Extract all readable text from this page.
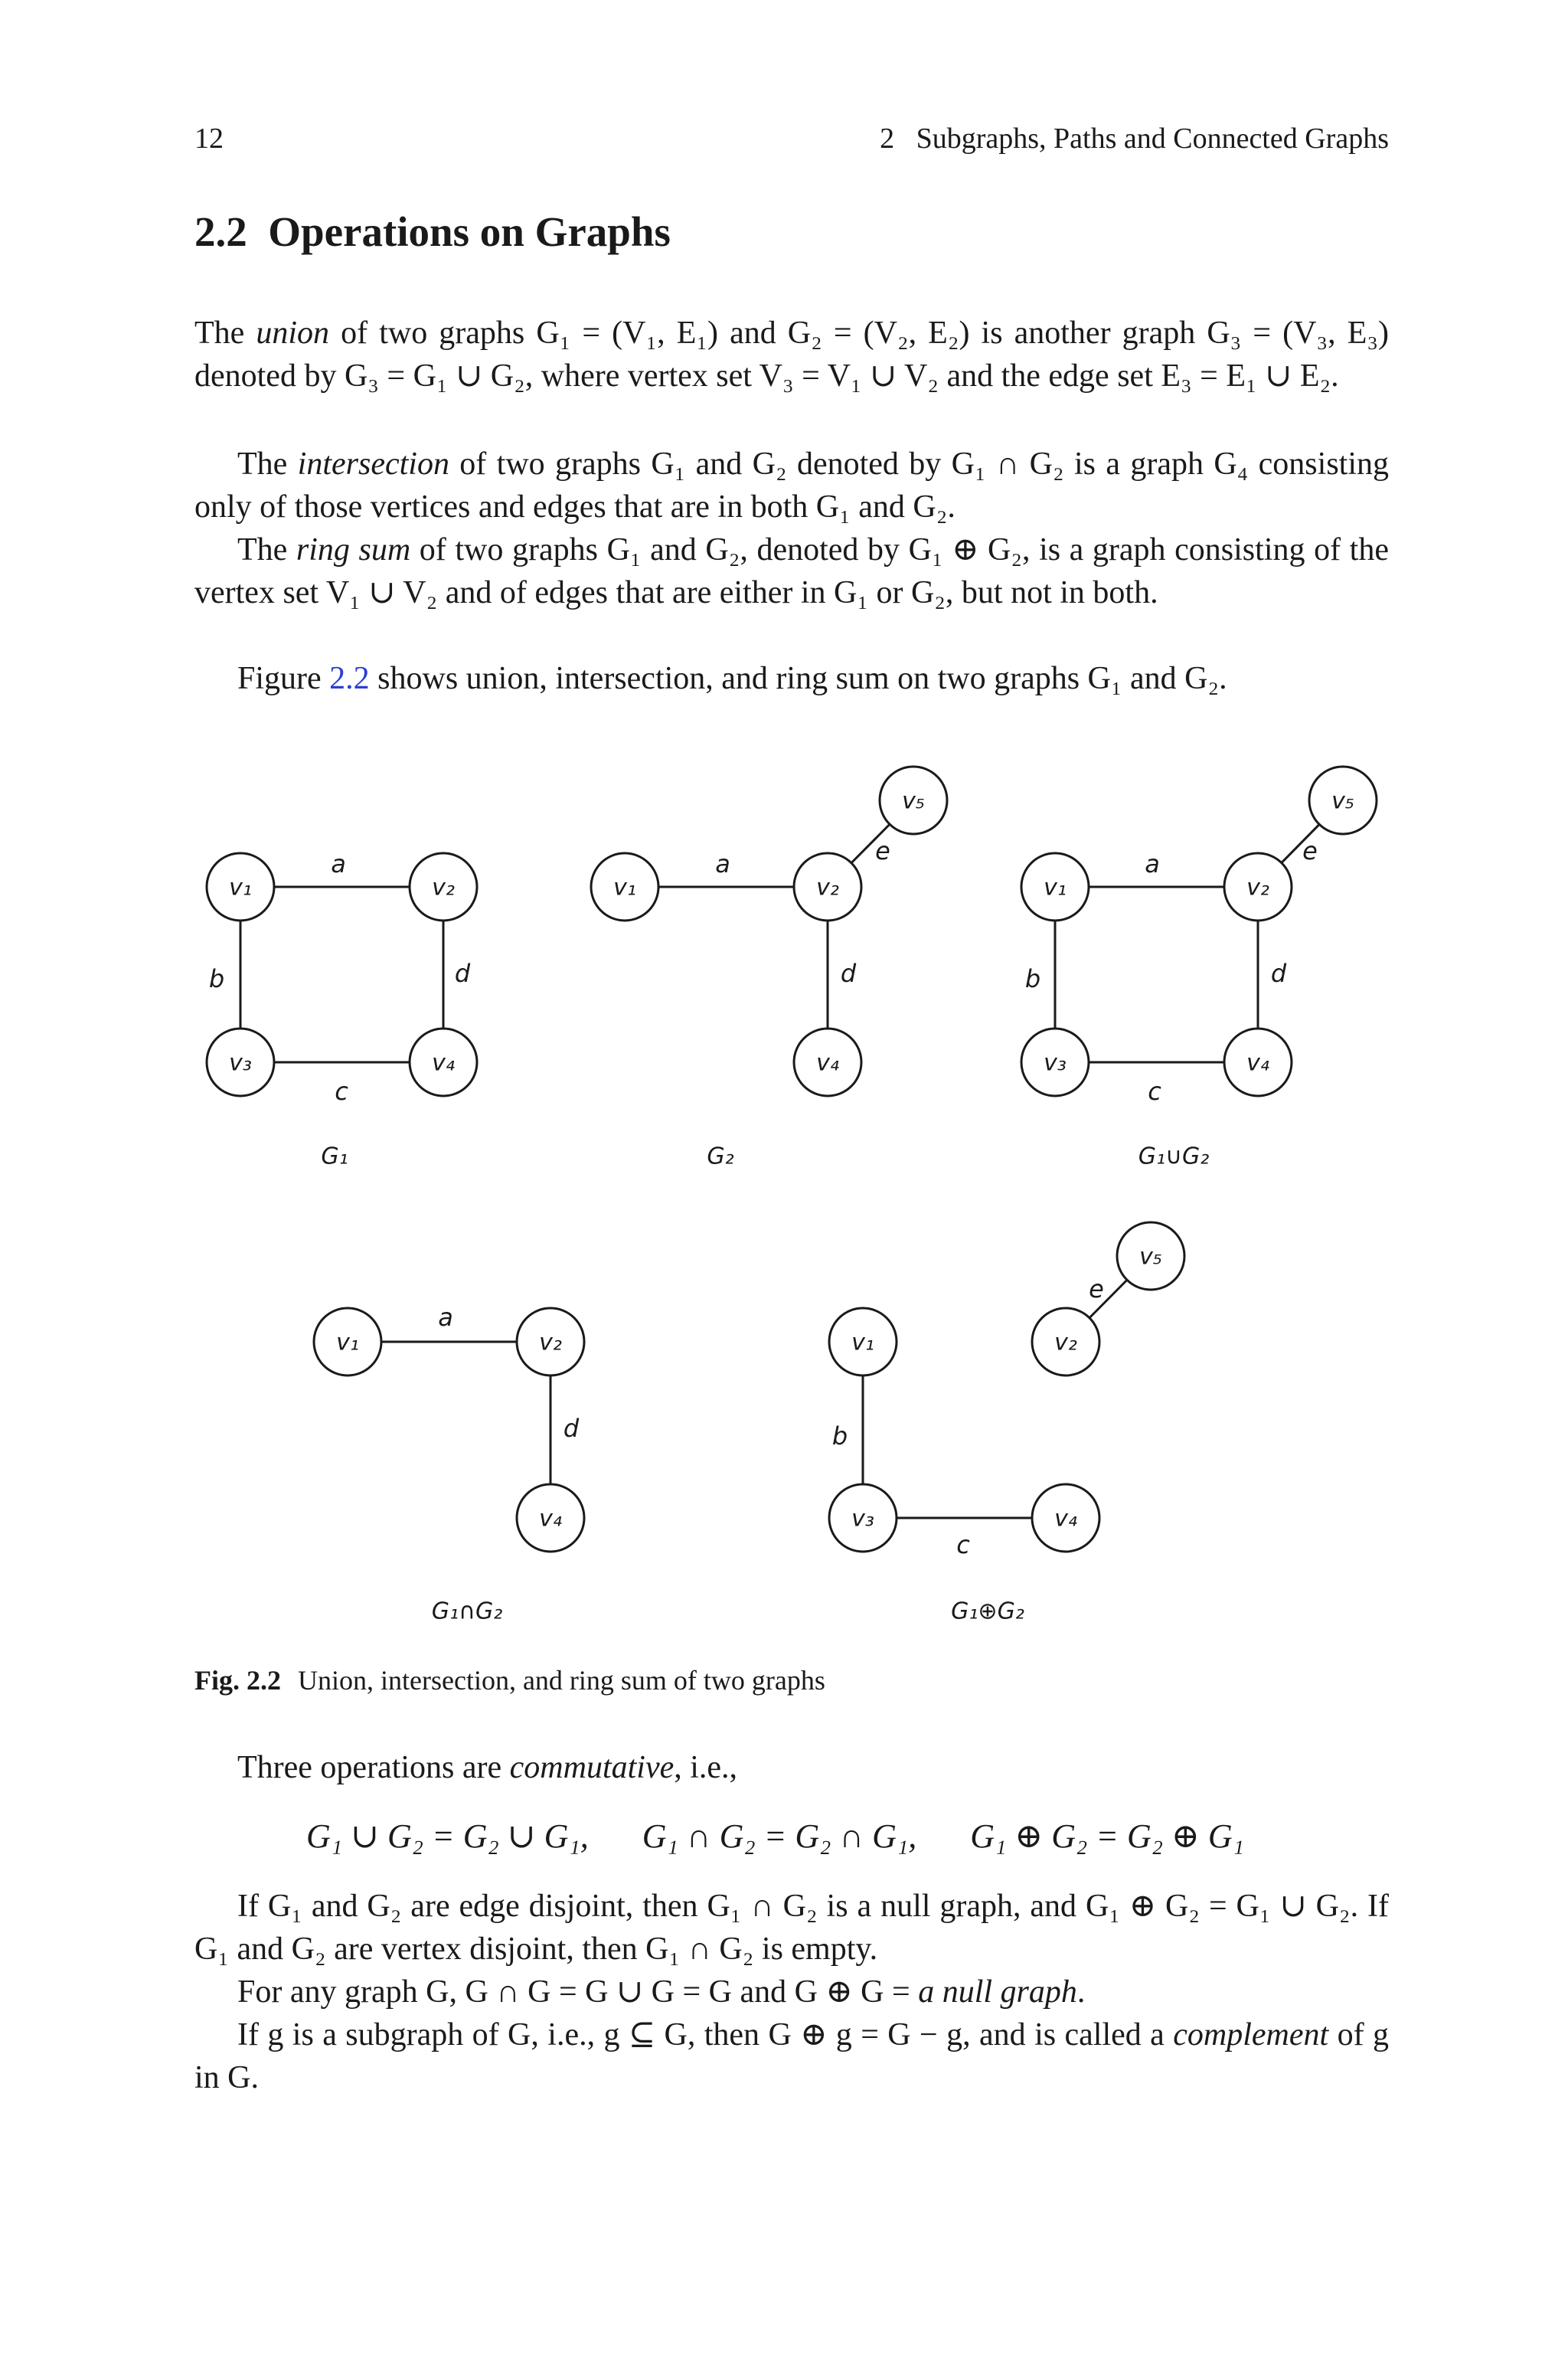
12	2   Subgraphs, Paths and Connected Graphs
2.2  Operations on Graphs

The union of two graphs G₁ = (V₁, E₁) and G₂ = (V₂, E₂) is another graph G₃ = (V₃, E₃) denoted by G₃ = G₁ ∪ G₂, where vertex set V₃ = V₁ ∪ V₂ and the edge set E₃ = E₁ ∪ E₂.

The intersection of two graphs G₁ and G₂ denoted by G₁ ∩ G₂ is a graph G₄ consisting only of those vertices and edges that are in both G₁ and G₂.

The ring sum of two graphs G₁ and G₂, denoted by G₁ ⊕ G₂, is a graph consisting of the vertex set V₁ ∪ V₂ and of edges that are either in G₁ or G₂, but not in both.

Figure 2.2 shows union, intersection, and ring sum on two graphs G₁ and G₂.

a
b
c
d
v₁	v₂
v₃	v₄
G₁
a
d
e
v₁	v₂
v₄
v₅
G₂
a
b
c
d
e
v₁	v₂
v₃	v₄
v₅
G₁∪G₂
a
d
v₁	v₂
v₄
G₁∩G₂
b
c
e
v₁	v₂
v₃	v₄
v₅
G₁⊕G₂

Fig. 2.2 Union, intersection, and ring sum of two graphs

Three operations are commutative, i.e.,

G₁ ∪ G₂ = G₂ ∪ G₁, G₁ ∩ G₂ = G₂ ∩ G₁, G₁ ⊕ G₂ = G₂ ⊕ G₁

If G₁ and G₂ are edge disjoint, then G₁ ∩ G₂ is a null graph, and G₁ ⊕ G₂ = G₁ ∪ G₂. If G₁ and G₂ are vertex disjoint, then G₁ ∩ G₂ is empty.

For any graph G, G ∩ G = G ∪ G = G and G ⊕ G = a null graph.

If g is a subgraph of G, i.e., g ⊆ G, then G ⊕ g = G − g, and is called a complement of g in G.
